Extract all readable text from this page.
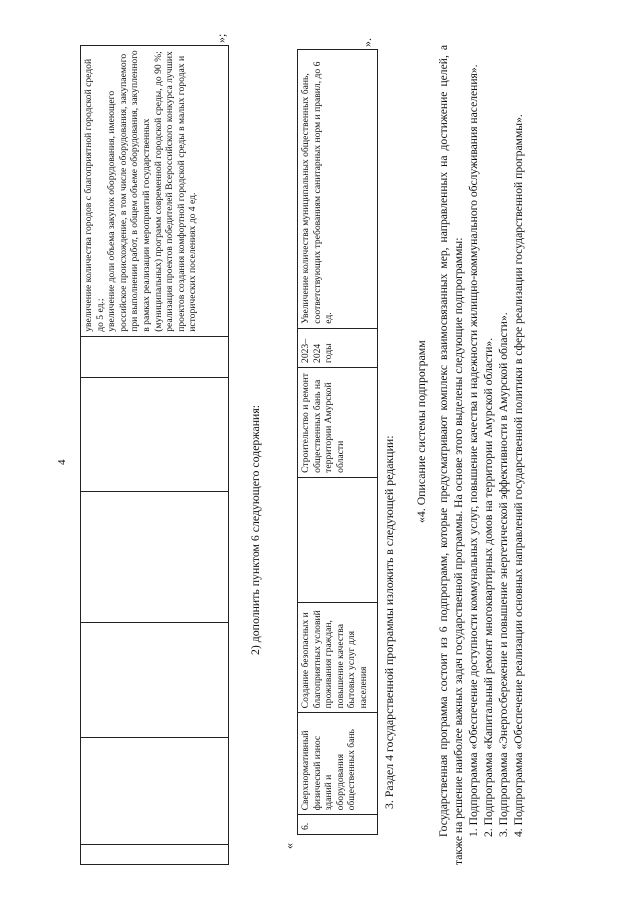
4

увеличение количества городов с благоприятной городской средой до 5 ед.; увеличение доли объема закупок оборудования, имеющего российское происхождение, в том числе оборудования, закупаемого при выполнении работ, в общем объеме оборудования, закупленного в рамках реализации мероприятий государственных (муниципальных) программ современной городской среды, до 90 %; реализация проектов победителей Всероссийского конкурса лучших проектов создания комфортной городской среды в малых городах и исторических поселениях до 4 ед.
»;
2) дополнить пунктом 6 следующего содержания:
«
6.	Сверхнормативный физический износ зданий и оборудования общественных бань	Создание безопасных и благоприятных условий проживания граждан, повышение качества бытовых услуг для населения		Строительство и ремонт общественных бань на территории Амурской области	2023–2024 годы	Увеличение количества муниципальных общественных бань, соответствующих требованиям санитарных норм и правил, до 6 ед.
».
3. Раздел 4 государственной программы изложить в следующей редакции:
«4. Описание системы подпрограмм Государственная программа состоит из 6 подпрограмм, которые предусматривают комплекс взаимосвязанных мер, направленных на достижение целей, а также на решение наиболее важных задач государственной программы. На основе этого выделены следующие подпрограммы: 1. Подпрограмма «Обеспечение доступности коммунальных услуг, повышение качества и надежности жилищно-коммунального обслуживания населения». 2. Подпрограмма «Капитальный ремонт многоквартирных домов на территории Амурской области». 3. Подпрограмма «Энергосбережение и повышение энергетической эффективности в Амурской области». 4. Подпрограмма «Обеспечение реализации основных направлений государственной политики в сфере реализации государственной программы».
